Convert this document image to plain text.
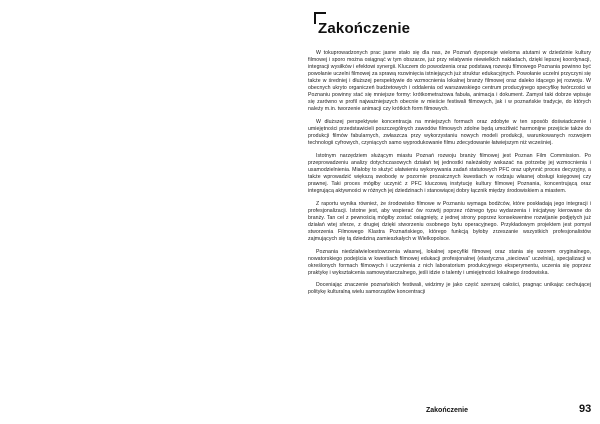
Zakończenie

W tokuprowadzonych prac jasne stało się dla nas, że Poznań dysponuje wieloma atutami w dziedzinie kultury filmowej i sporo można osiągnąć w tym obszarze, już przy relatywnie niewielkich nakładach, dzięki lepszej koordynacji, integracji wysiłków i efektowi synergii. Kluczem do powodzenia oraz podstawą rozwoju filmowego Poznania powinno być powołanie uczelni filmowej za sprawą rozwinięcia istniejących już struktur edukacyjnych. Powołanie uczelni przyczyni się także w średniej i dłuższej perspektywie do wzmocnienia lokalnej branży filmowej oraz daleko idącego jej rozwoju. W obecnych ukryto organiczeń budżetowych i oddalenia od warszawskiego centrum producyjnego specyfikę twórczości w Poznaniu powinny stać się mniejsze formy: krótkometrażowa fabuła, animacja i dokument. Zamysł taki dobrze wpisuje się zarówno w profil najważniejszych obecnie w mieście festiwali filmowych, jak i w poznańskie tradycje, do których należy m.in. tworzenie animacji czy krótkich form filmowych.

W dłuższej perspektywie koncentracja na mniejszych formach oraz zdobyte w ten sposób doświadczenie i umiejętności przedstawicieli poszczególnych zawodów filmowych zdolne będą umożliwić harmonijne przejście także do produkcji filmów fabularnych, zwłaszcza przy wykorzystaniu nowych modeli produkcji, warunkowanych rozwojem technologii cyfrowych, czyniących samo wyprodukowanie filmu zdecydowanie łatwiejszym niż wcześniej.

Istotnym narzędziem służącym miastu Poznań rozwoju branży filmowej jest Poznan Film Commission. Po przeprowadzeniu analizy dotychczasowych działań tej jednostki należałoby wskazać na potrzebę jej wzmocnienia i usamodzielnienia. Miałoby to służyć ułatwieniu wykonywania zadań statutowych PFC oraz upłynnić proces decyzyjny, a także wprowadzić większą swobodę w pozornie prozaicznych kwestiach w rodzaju własnej obsługi księgowej czy prawnej. Taki proces mógłby uczynić z PFC kluczową instytucję kultury filmowej Poznania, koncentrującą oraz integrującą aktywności w różnych jej dziedzinach i stanowiącej dobry łącznik między środowiskiem a miastem.

Z raportu wynika również, że środowisko filmowe w Poznaniu wymaga bodźców, które poskładają jego integracji i profesjonalizacji. Istotne jest, aby wspierać ów rozwój poprzez różnego typu wydarzenia i inicjatywy kierowane do branży. Tan cel z pewnością mógłby zostać osiągnięty, z jednej strony poprzez konsekwentne rozwijanie podjętych już działań wtej sferze, z drugiej dzięki stworzeniu osobnego bytu operacyjnego. Przykładowym projektem jest pomysł stworzenia Filmowego Klastra Poznańskiego, którego funkcją byłoby zrzeszanie wszystkich profesjonalistów zajmujących się tą dziedziną zamieszkałych w Wielkopolsce.

Poznania niedziałwieloestowrzenia własnej, lokalnej specyfiki filmowej oraz stania się wzorem oryginalnego, nowatorskiego podejścia w kwestiach filmowej edukacji profesjonalnej (elastyczna „sieciowa” uczelnia), specjalizacji w określonych formach filmowych i uczynienia z nich laboratorium produkcyjnego eksperymentu, uczenia się poprzez praktykę i wykształcenia samowystarczalnego, jeśli idzie o talenty i umiejętności lokalnego środowiska.

Doceniając znaczenie poznańskich festiwali, widzimy je jako część szerszej całości, pragnąc unikając cechującej politykę kulturalną wielu samorządów koncentracji

Zakończenie	93
